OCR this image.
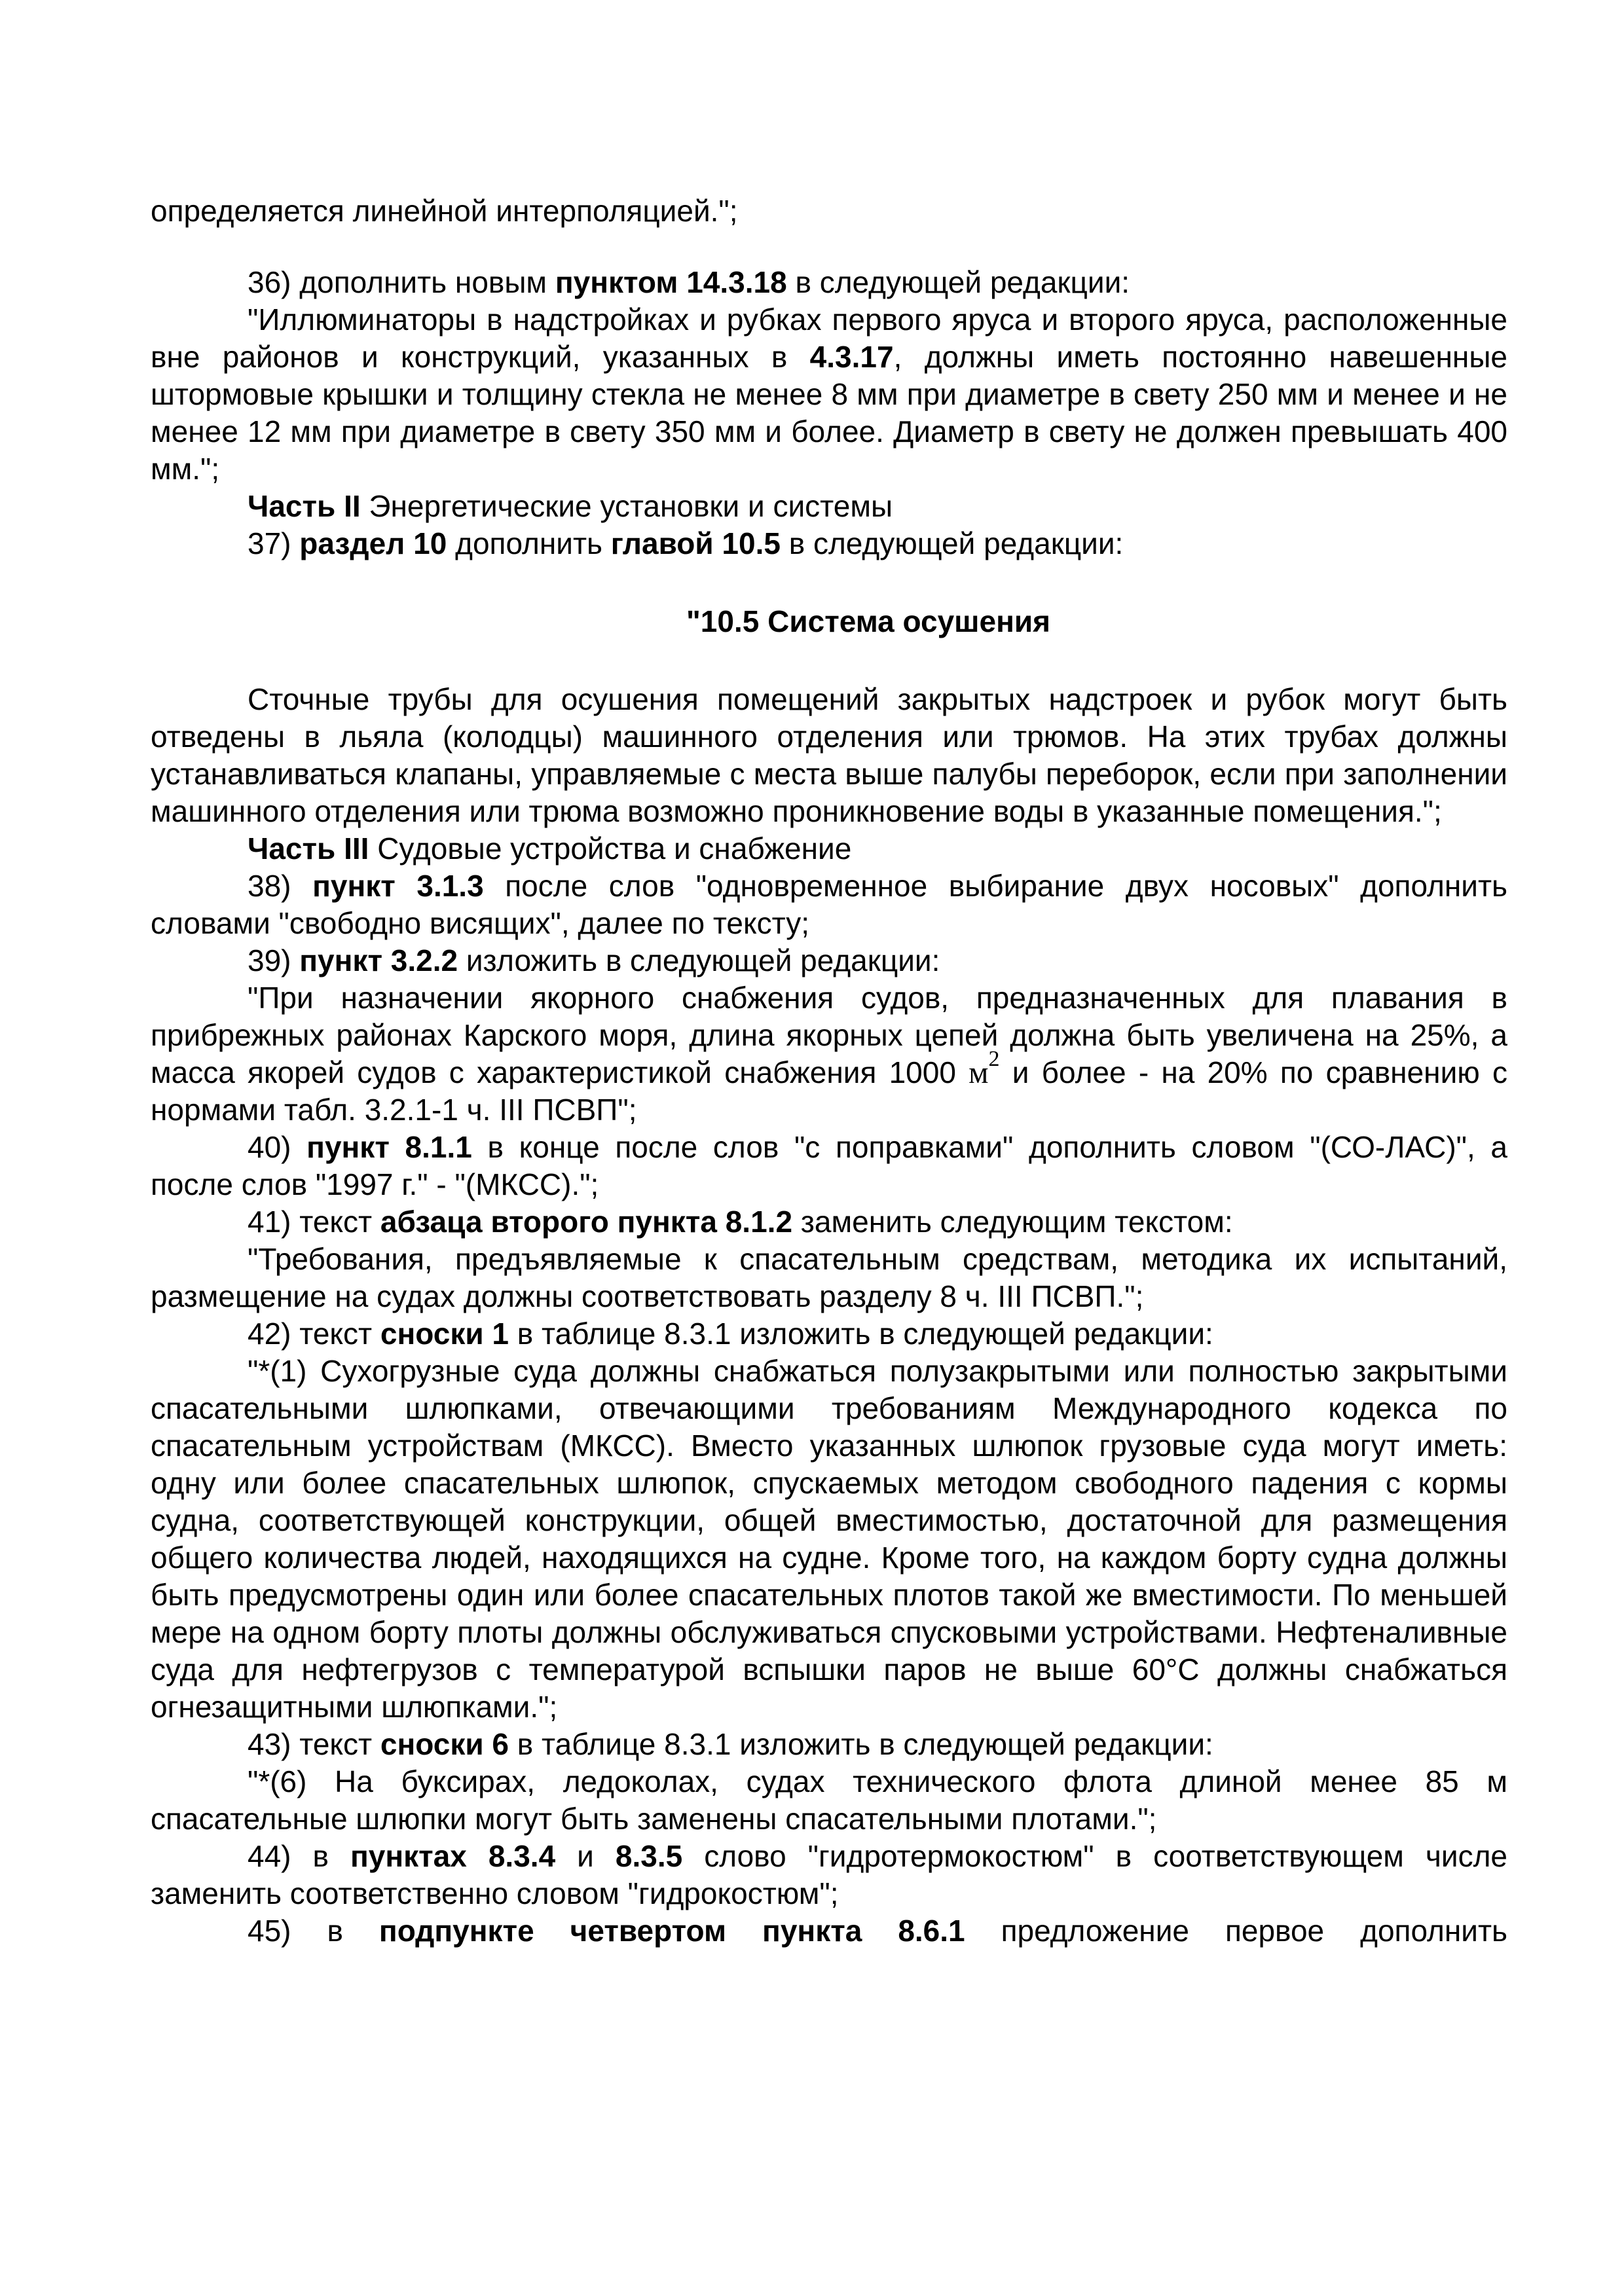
определяется линейной интерполяцией.";

36) дополнить новым пунктом 14.3.18 в следующей редакции:

"Иллюминаторы в надстройках и рубках первого яруса и второго яруса, расположенные вне районов и конструкций, указанных в 4.3.17, должны иметь постоянно навешенные штормовые крышки и толщину стекла не менее 8 мм при диаметре в свету 250 мм и менее и не менее 12 мм при диаметре в свету 350 мм и более. Диаметр в свету не должен превышать 400 мм.";

Часть II Энергетические установки и системы

37) раздел 10 дополнить главой 10.5 в следующей редакции:

"10.5 Система осушения

Сточные трубы для осушения помещений закрытых надстроек и рубок могут быть отведены в льяла (колодцы) машинного отделения или трюмов. На этих трубах должны устанавливаться клапаны, управляемые с места выше палубы переборок, если при заполнении машинного отделения или трюма возможно проникновение воды в указанные помещения.";

Часть III Судовые устройства и снабжение

38) пункт 3.1.3 после слов "одновременное выбирание двух носовых" дополнить словами "свободно висящих", далее по тексту;

39) пункт 3.2.2 изложить в следующей редакции:

"При назначении якорного снабжения судов, предназначенных для плавания в прибрежных районах Карского моря, длина якорных цепей должна быть увеличена на 25%, а масса якорей судов с характеристикой снабжения 1000 $м^2$ и более - на 20% по сравнению с нормами табл. 3.2.1-1 ч. III ПСВП";

40) пункт 8.1.1 в конце после слов "с поправками" дополнить словом "(СО-ЛАС)", а после слов "1997 г." - "(МКСС).";

41) текст абзаца второго пункта 8.1.2 заменить следующим текстом:

"Требования, предъявляемые к спасательным средствам, методика их испытаний, размещение на судах должны соответствовать разделу 8 ч. III ПСВП.";

42) текст сноски 1 в таблице 8.3.1 изложить в следующей редакции:

"*(1) Сухогрузные суда должны снабжаться полузакрытыми или полностью закрытыми спасательными шлюпками, отвечающими требованиям Международного кодекса по спасательным устройствам (МКСС). Вместо указанных шлюпок грузовые суда могут иметь: одну или более спасательных шлюпок, спускаемых методом свободного падения с кормы судна, соответствующей конструкции, общей вместимостью, достаточной для размещения общего количества людей, находящихся на судне. Кроме того, на каждом борту судна должны быть предусмотрены один или более спасательных плотов такой же вместимости. По меньшей мере на одном борту плоты должны обслуживаться спусковыми устройствами. Нефтеналивные суда для нефтегрузов с температурой вспышки паров не выше 60°С должны снабжаться огнезащитными шлюпками.";

43) текст сноски 6 в таблице 8.3.1 изложить в следующей редакции:

"*(6) На буксирах, ледоколах, судах технического флота длиной менее 85 м спасательные шлюпки могут быть заменены спасательными плотами.";

44) в пунктах 8.3.4 и 8.3.5 слово "гидротермокостюм" в соответствующем числе заменить соответственно словом "гидрокостюм";

45) в подпункте четвертом пункта 8.6.1 предложение первое дополнить
